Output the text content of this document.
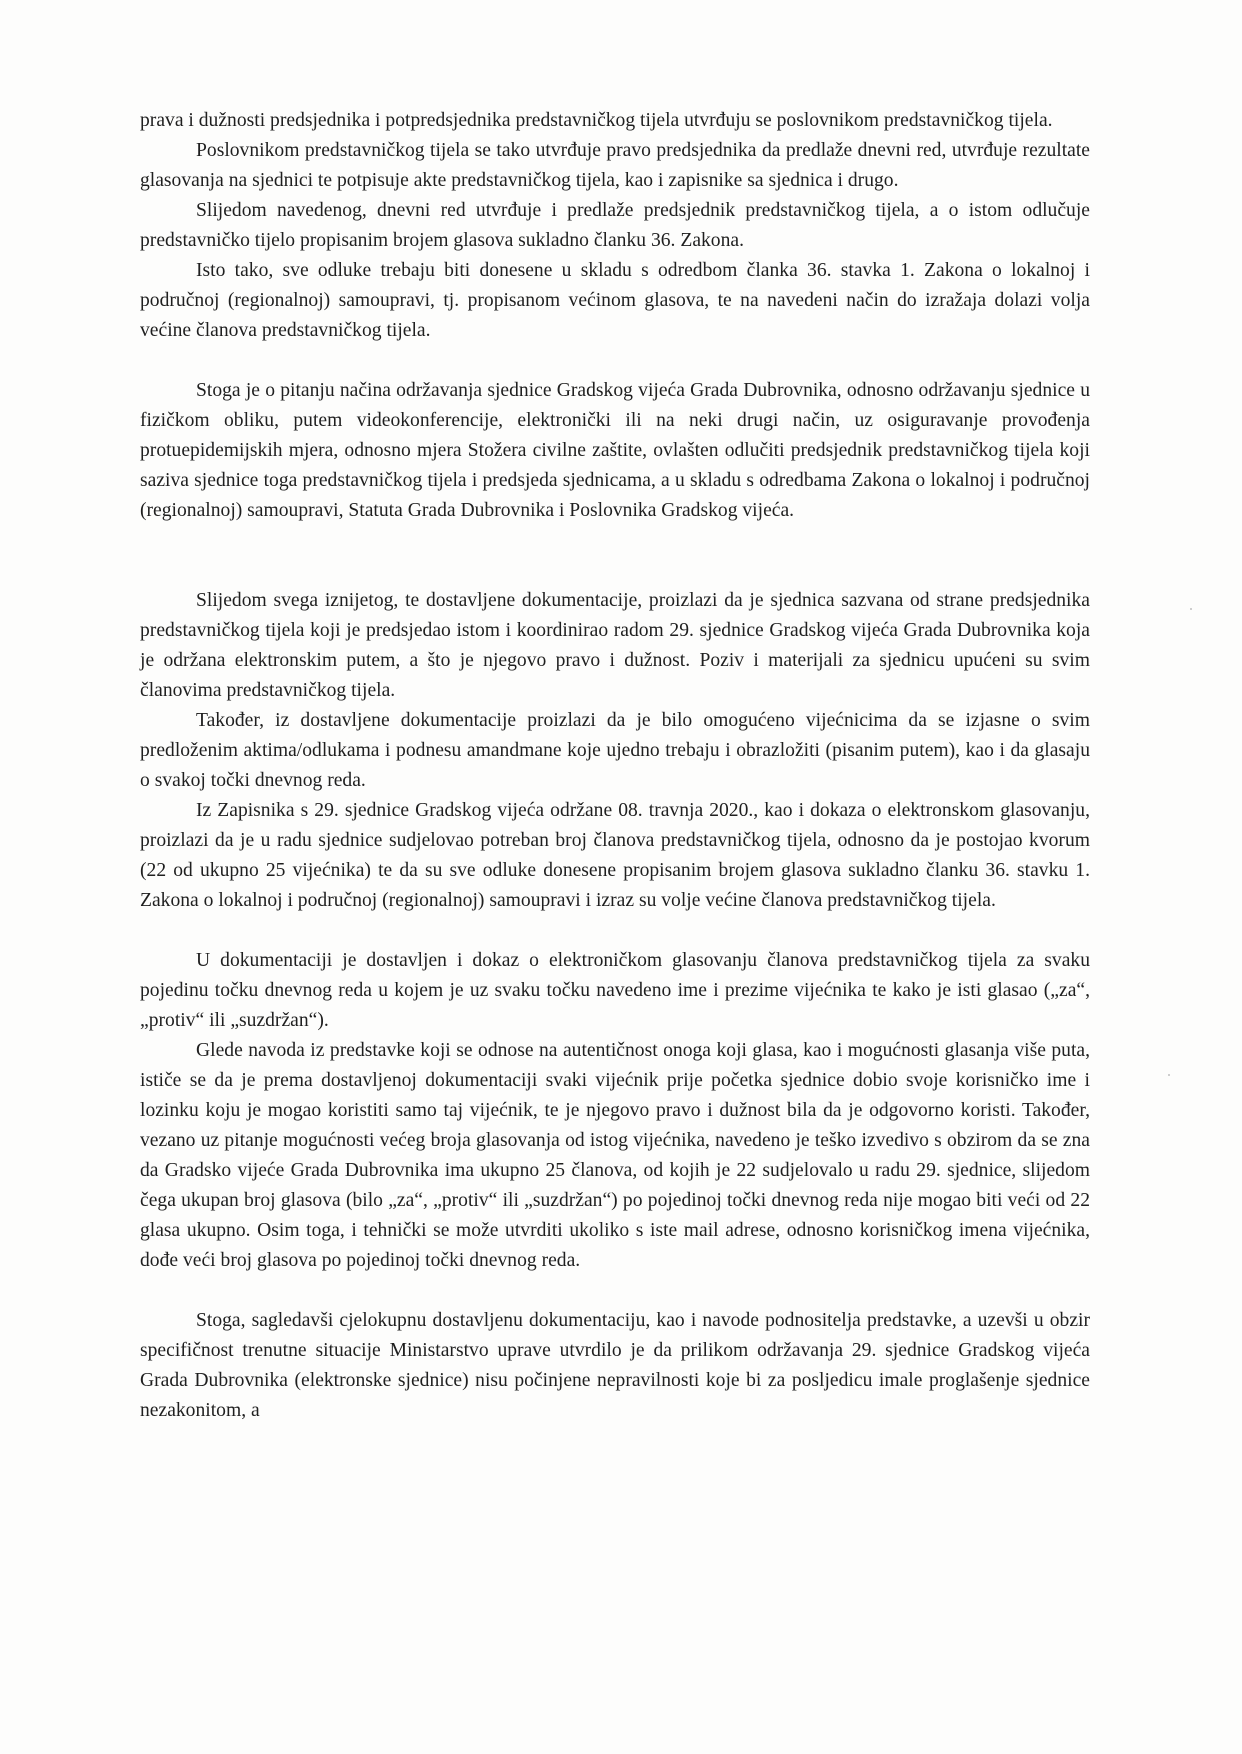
prava i dužnosti predsjednika i potpredsjednika predstavničkog tijela utvrđuju se poslovnikom predstavničkog tijela.

Poslovnikom predstavničkog tijela se tako utvrđuje pravo predsjednika da predlaže dnevni red, utvrđuje rezultate glasovanja na sjednici te potpisuje akte predstavničkog tijela, kao i zapisnike sa sjednica i drugo.

Slijedom navedenog, dnevni red utvrđuje i predlaže predsjednik predstavničkog tijela, a o istom odlučuje predstavničko tijelo propisanim brojem glasova sukladno članku 36. Zakona.

Isto tako, sve odluke trebaju biti donesene u skladu s odredbom članka 36. stavka 1. Zakona o lokalnoj i područnoj (regionalnoj) samoupravi, tj. propisanom većinom glasova, te na navedeni način do izražaja dolazi volja većine članova predstavničkog tijela.

Stoga je o pitanju načina održavanja sjednice Gradskog vijeća Grada Dubrovnika, odnosno održavanju sjednice u fizičkom obliku, putem videokonferencije, elektronički ili na neki drugi način, uz osiguravanje provođenja protuepidemijskih mjera, odnosno mjera Stožera civilne zaštite, ovlašten odlučiti predsjednik predstavničkog tijela koji saziva sjednice toga predstavničkog tijela i predsjeda sjednicama, a u skladu s odredbama Zakona o lokalnoj i područnoj (regionalnoj) samoupravi, Statuta Grada Dubrovnika i Poslovnika Gradskog vijeća.

Slijedom svega iznijetog, te dostavljene dokumentacije, proizlazi da je sjednica sazvana od strane predsjednika predstavničkog tijela koji je predsjedao istom i koordinirao radom 29. sjednice Gradskog vijeća Grada Dubrovnika koja je održana elektronskim putem, a što je njegovo pravo i dužnost. Poziv i materijali za sjednicu upućeni su svim članovima predstavničkog tijela.

Također, iz dostavljene dokumentacije proizlazi da je bilo omogućeno vijećnicima da se izjasne o svim predloženim aktima/odlukama i podnesu amandmane koje ujedno trebaju i obrazložiti (pisanim putem), kao i da glasaju o svakoj točki dnevnog reda.

Iz Zapisnika s 29. sjednice Gradskog vijeća održane 08. travnja 2020., kao i dokaza o elektronskom glasovanju, proizlazi da je u radu sjednice sudjelovao potreban broj članova predstavničkog tijela, odnosno da je postojao kvorum (22 od ukupno 25 vijećnika) te da su sve odluke donesene propisanim brojem glasova sukladno članku 36. stavku 1. Zakona o lokalnoj i područnoj (regionalnoj) samoupravi i izraz su volje većine članova predstavničkog tijela.

U dokumentaciji je dostavljen i dokaz o elektroničkom glasovanju članova predstavničkog tijela za svaku pojedinu točku dnevnog reda u kojem je uz svaku točku navedeno ime i prezime vijećnika te kako je isti glasao („za“, „protiv“ ili „suzdržan“).

Glede navoda iz predstavke koji se odnose na autentičnost onoga koji glasa, kao i mogućnosti glasanja više puta, ističe se da je prema dostavljenoj dokumentaciji svaki vijećnik prije početka sjednice dobio svoje korisničko ime i lozinku koju je mogao koristiti samo taj vijećnik, te je njegovo pravo i dužnost bila da je odgovorno koristi. Također, vezano uz pitanje mogućnosti većeg broja glasovanja od istog vijećnika, navedeno je teško izvedivo s obzirom da se zna da Gradsko vijeće Grada Dubrovnika ima ukupno 25 članova, od kojih je 22 sudjelovalo u radu 29. sjednice, slijedom čega ukupan broj glasova (bilo „za“, „protiv“ ili „suzdržan“) po pojedinoj točki dnevnog reda nije mogao biti veći od 22 glasa ukupno. Osim toga, i tehnički se može utvrditi ukoliko s iste mail adrese, odnosno korisničkog imena vijećnika, dođe veći broj glasova po pojedinoj točki dnevnog reda.

Stoga, sagledavši cjelokupnu dostavljenu dokumentaciju, kao i navode podnositelja predstavke, a uzevši u obzir specifičnost trenutne situacije Ministarstvo uprave utvrdilo je da prilikom održavanja 29. sjednice Gradskog vijeća Grada Dubrovnika (elektronske sjednice) nisu počinjene nepravilnosti koje bi za posljedicu imale proglašenje sjednice nezakonitom, a
